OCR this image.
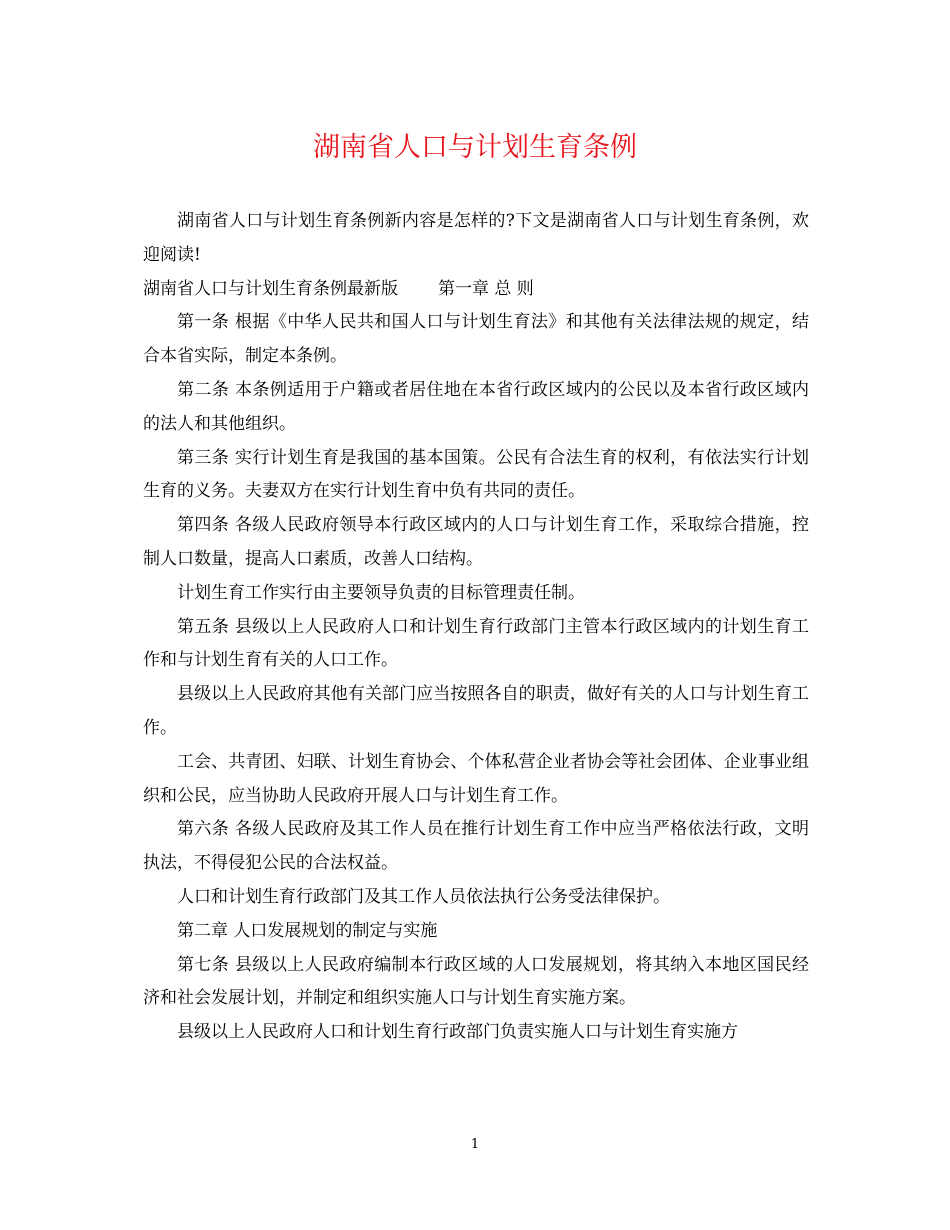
湖南省人口与计划生育条例

湖南省人口与计划生育条例新内容是怎样的?下文是湖南省人口与计划生育条例，欢迎阅读!

湖南省人口与计划生育条例最新版 第一章 总 则

第一条 根据《中华人民共和国人口与计划生育法》和其他有关法律法规的规定，结合本省实际，制定本条例。

第二条 本条例适用于户籍或者居住地在本省行政区域内的公民以及本省行政区域内的法人和其他组织。

第三条 实行计划生育是我国的基本国策。公民有合法生育的权利，有依法实行计划生育的义务。夫妻双方在实行计划生育中负有共同的责任。

第四条 各级人民政府领导本行政区域内的人口与计划生育工作，采取综合措施，控制人口数量，提高人口素质，改善人口结构。

计划生育工作实行由主要领导负责的目标管理责任制。

第五条 县级以上人民政府人口和计划生育行政部门主管本行政区域内的计划生育工作和与计划生育有关的人口工作。

县级以上人民政府其他有关部门应当按照各自的职责，做好有关的人口与计划生育工作。

工会、共青团、妇联、计划生育协会、个体私营企业者协会等社会团体、企业事业组织和公民，应当协助人民政府开展人口与计划生育工作。

第六条 各级人民政府及其工作人员在推行计划生育工作中应当严格依法行政，文明执法，不得侵犯公民的合法权益。

人口和计划生育行政部门及其工作人员依法执行公务受法律保护。

第二章 人口发展规划的制定与实施

第七条 县级以上人民政府编制本行政区域的人口发展规划，将其纳入本地区国民经济和社会发展计划，并制定和组织实施人口与计划生育实施方案。

县级以上人民政府人口和计划生育行政部门负责实施人口与计划生育实施方

1
